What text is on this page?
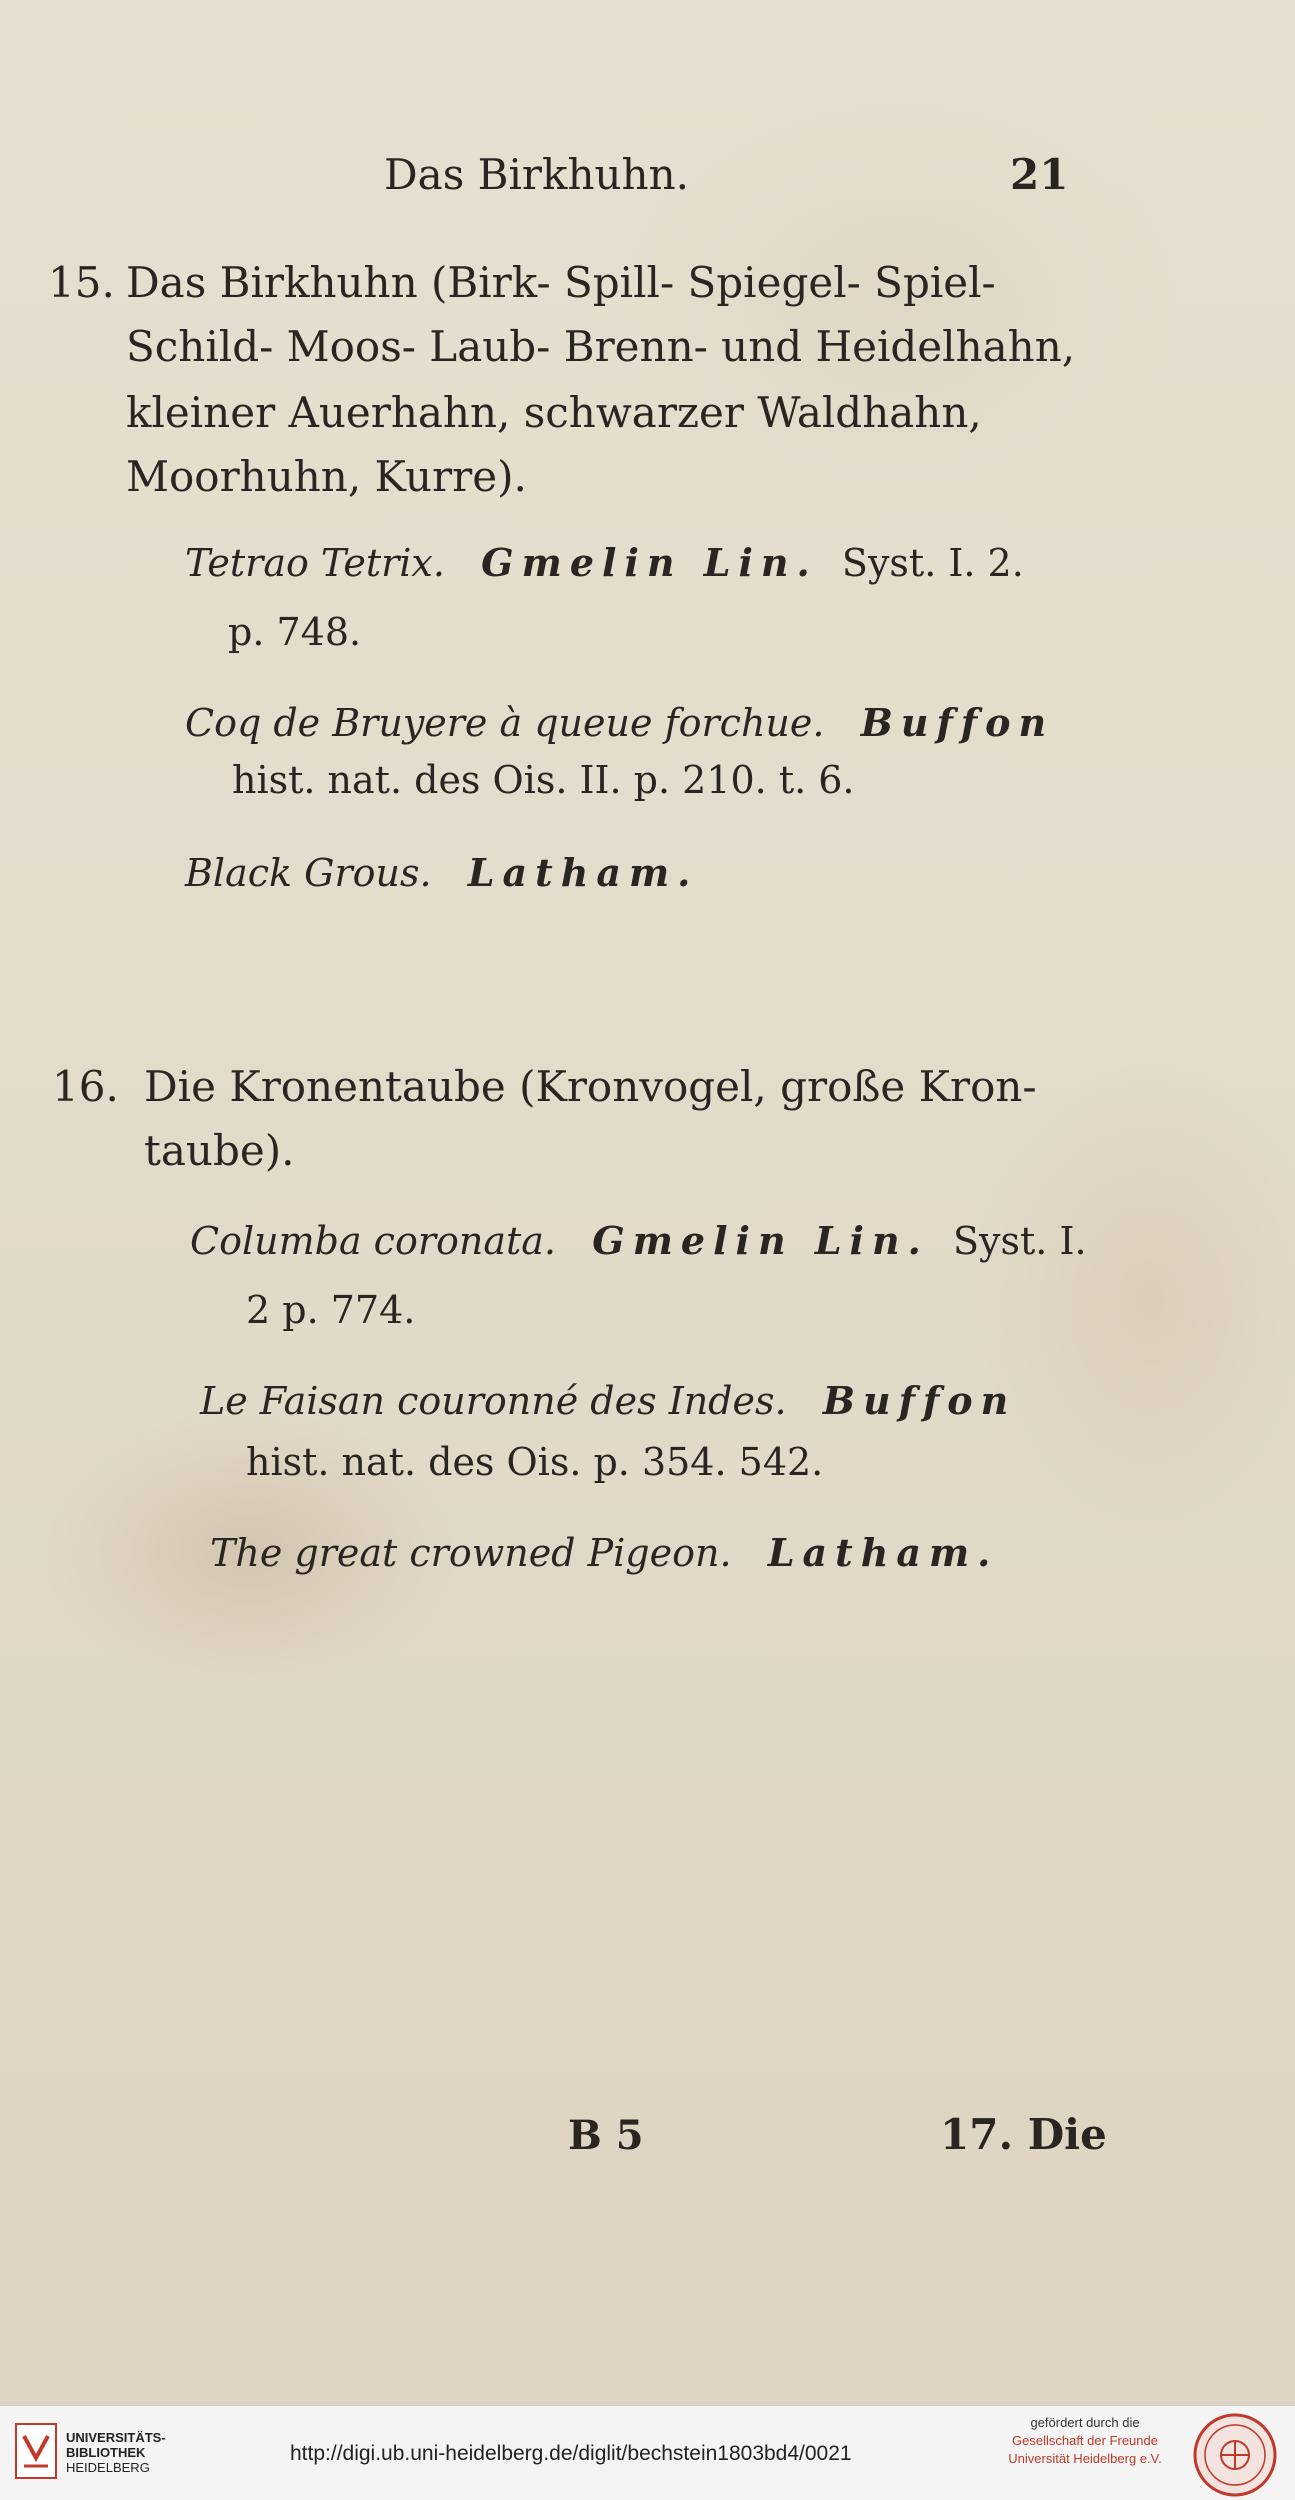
Das Birkhuhn.	21
15. Das Birkhuhn (Birk- Spill- Spiegel- Spiel-
Schild- Moos- Laub- Brenn- und Heidelhahn,
kleiner Auerhahn, schwarzer Waldhahn,
Moorhuhn, Kurre).
Tetrao Tetrix. Gmelin Lin. Syst. I. 2.
p. 748.
Coq de Bruyere à queue forchue. Buffon
hist. nat. des Ois. II. p. 210. t. 6.
Black Grous. Latham.
16. Die Kronentaube (Kronvogel, große Kron-
taube).
Columba coronata. Gmelin Lin. Syst. I.
2 p. 774.
Le Faisan couronné des Indes. Buffon
hist. nat. des Ois. p. 354. 542.
The great crowned Pigeon. Latham.
B 5	17. Die
UNIVERSITÄTS-
BIBLIOTHEK
HEIDELBERG
http://digi.ub.uni-heidelberg.de/diglit/bechstein1803bd4/0021
gefördert durch die
Gesellschaft der Freunde
Universität Heidelberg e.V.
